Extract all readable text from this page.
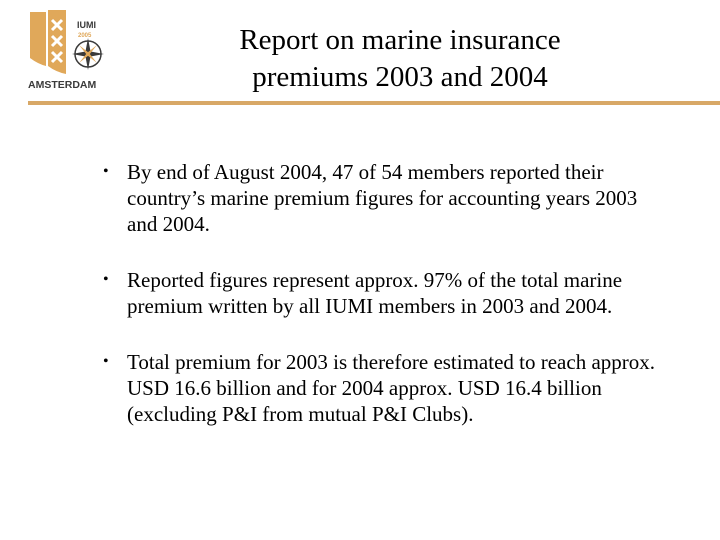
IUMI
2005
AMSTERDAM
Report on marine insurance
premiums 2003 and 2004
• By end of August 2004, 47 of 54 members reported their country’s marine premium figures for accounting years 2003 and 2004.
• Reported figures represent approx. 97% of the total marine premium written by all IUMI members in 2003 and 2004.
• Total premium for 2003 is therefore estimated to reach approx. USD 16.6 billion and for 2004 approx. USD 16.4 billion (excluding P&I from mutual P&I Clubs).
